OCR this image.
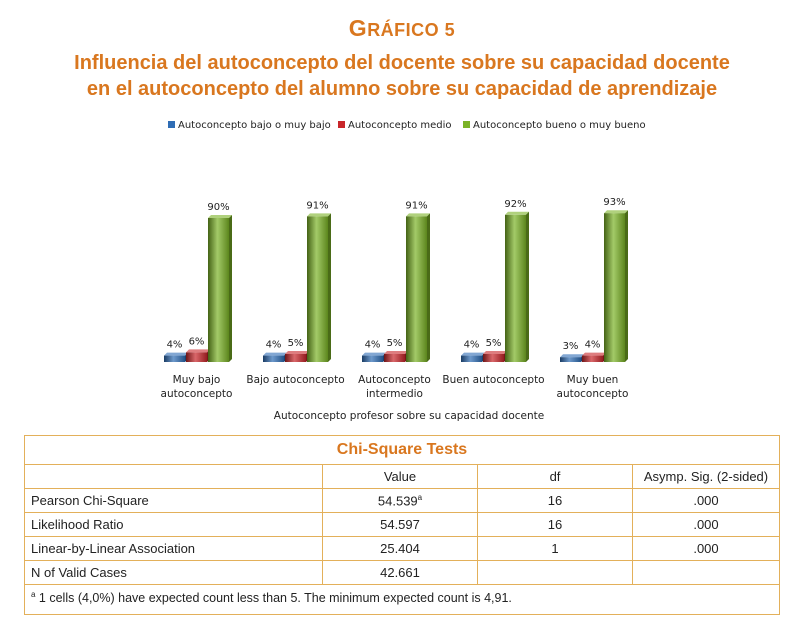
GRÁFICO 5
Influencia del autoconcepto del docente sobre su capacidad docente
en el autoconcepto del alumno sobre su capacidad de aprendizaje
Autoconcepto bajo o muy bajo Autoconcepto medio Autoconcepto bueno o muy bueno
4% 6%
90%
Muy bajo
autoconcepto
4% 5%
91%
Bajo autoconcepto
4% 5%
91%
Autoconcepto
intermedio
4% 5%
92%
Buen autoconcepto
3% 4%
93%
Muy buen
autoconcepto
Autoconcepto profesor sobre su capacidad docente
Chi-Square Tests			
	Value	df	Asymp. Sig. (2-sided)
Pearson Chi-Square	54.539$^a$	16	.000
Likelihood Ratio	54.597	16	.000
Linear-by-Linear Association	25.404	1	.000
N of Valid Cases	42.661		
$^a$ 1 cells (4,0%) have expected count less than 5. The minimum expected count is 4,91.			
